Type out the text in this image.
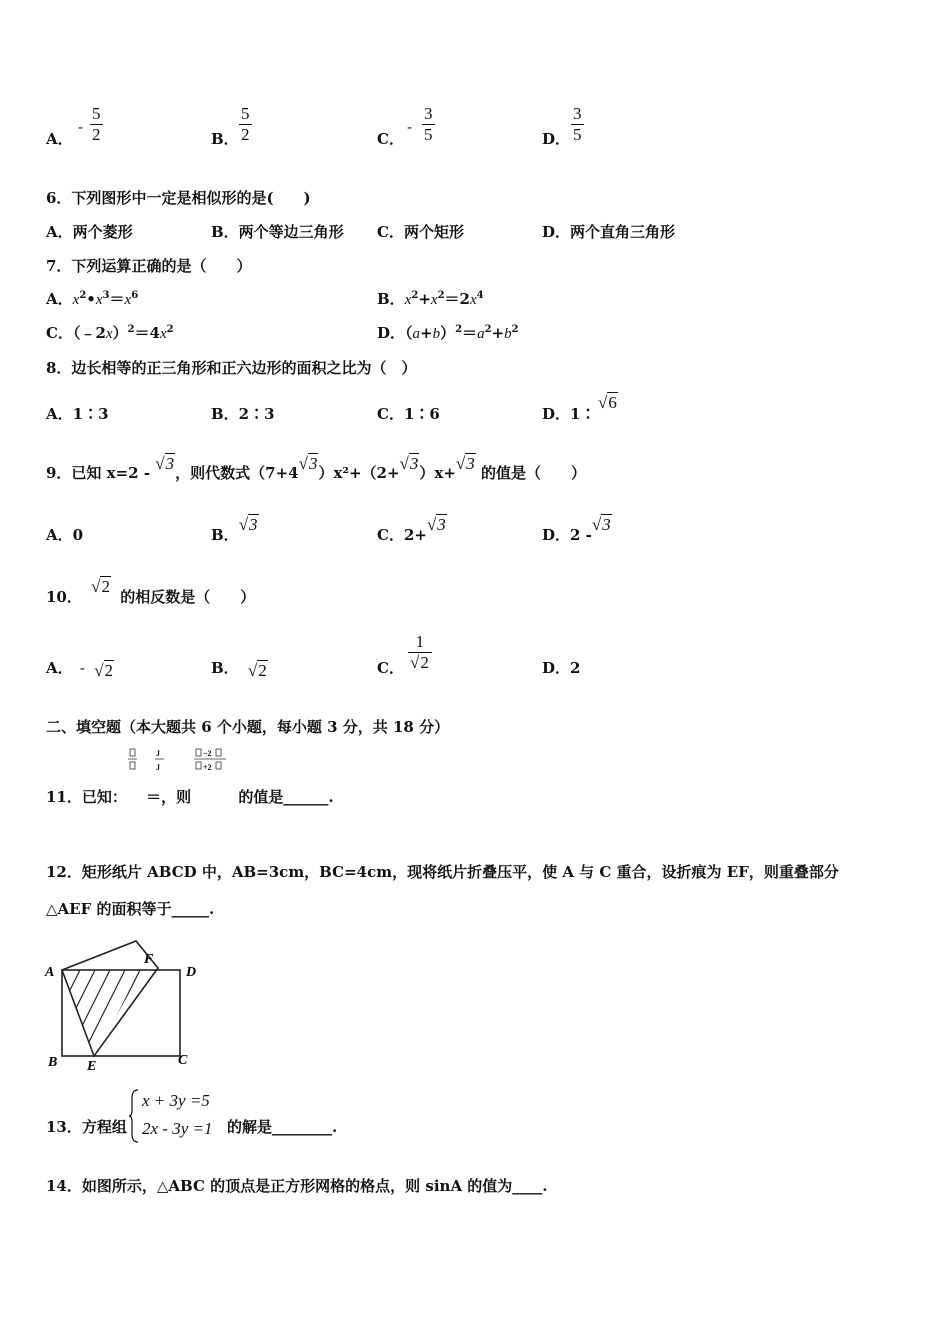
A．
- $\frac{5}{2}$	B． $\frac{5}{2}$	C．
- $\frac{3}{5}$	D． $\frac{3}{5}$
6．下列图形中一定是相似形的是(　　)
A．两个菱形	B．两个等边三角形 C．两个矩形	D．两个直角三角形
7．下列运算正确的是（　　）
A．$x^2•x^3=x^6$	B．$x^2+x^2=2x^4$
C．$(﹣2x)^2=4x^2$	D．$(a+b)^2=a^2+b^2$
8．边长相等的正三角形和正六边形的面积之比为（　）
A．1∶3	B．2∶3	C．1∶6	D．1∶
√6
9．已知 x=2 - √3，则代数式（7+4√3）x²+（2+√3）x+√3 的值是（　　）
A．0	B．√3
C．2+√3
D．2 -√3
10． √2 的相反数是（　　）
A． - √2	B． √2	C． $\frac{1}{√2}$	D．2
二、填空题（本大题共 6 个小题，每小题 3 分，共 18 分）
J
J
−2
+2
11．已知： ＝，则	的值是______.
12．矩形纸片 ABCD 中，AB=3cm，BC=4cm，现将纸片折叠压平，使 A 与 C 重合，设折痕为 EF，则重叠部分
△AEF 的面积等于_____.
A
F
D
B E	C
13．方程组
x + 3y =5
2x - 3y =1 的解是________.
14．如图所示，△ABC 的顶点是正方形网格的格点，则 sinA 的值为____.
